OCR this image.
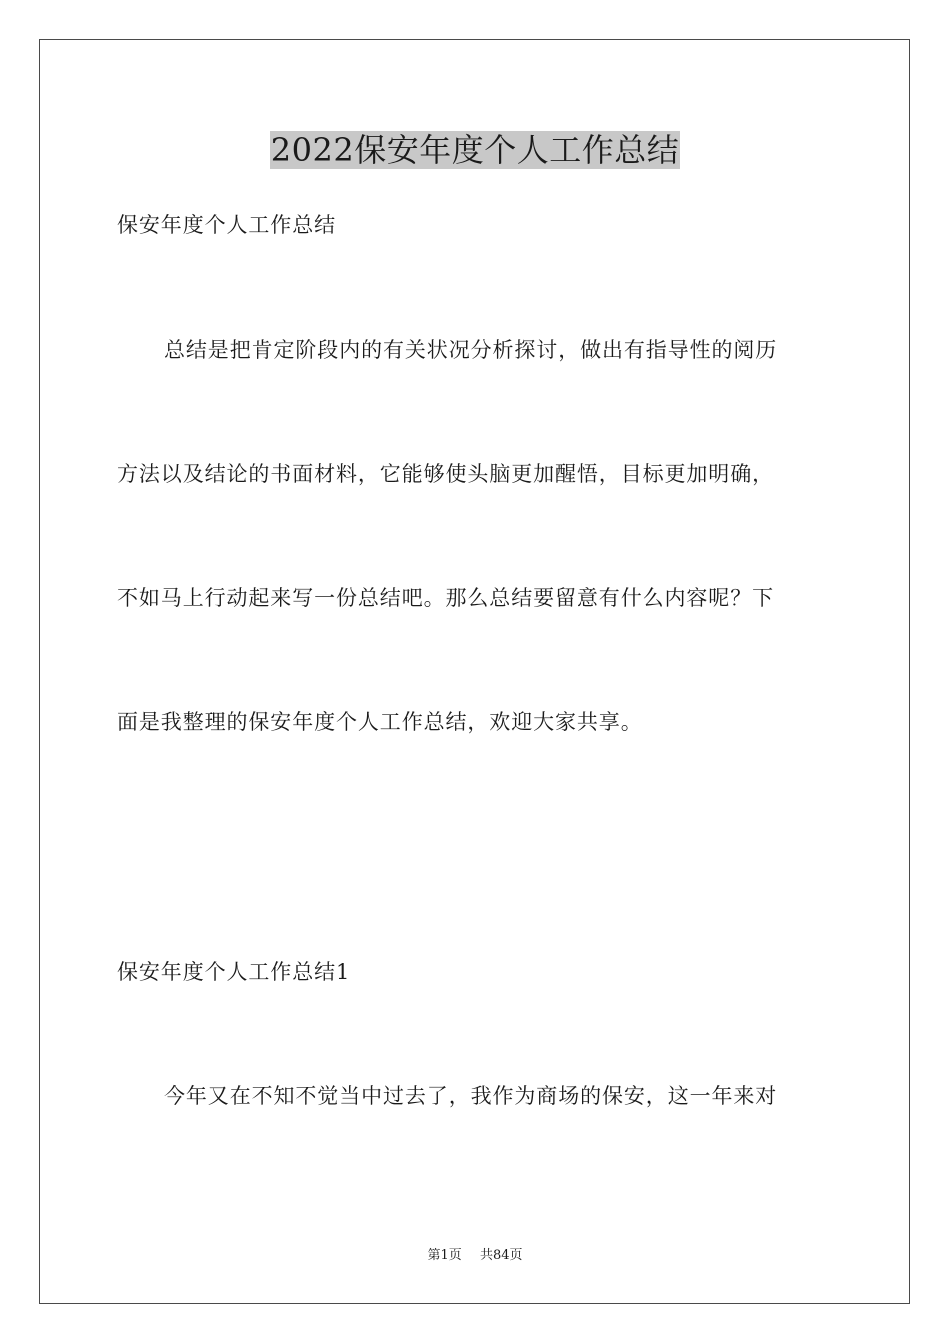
2022保安年度个人工作总结
保安年度个人工作总结
总结是把肯定阶段内的有关状况分析探讨，做出有指导性的阅历
方法以及结论的书面材料，它能够使头脑更加醒悟，目标更加明确，
不如马上行动起来写一份总结吧。那么总结要留意有什么内容呢？下
面是我整理的保安年度个人工作总结，欢迎大家共享。
保安年度个人工作总结1
今年又在不知不觉当中过去了，我作为商场的保安，这一年来对
第1页 共84页
